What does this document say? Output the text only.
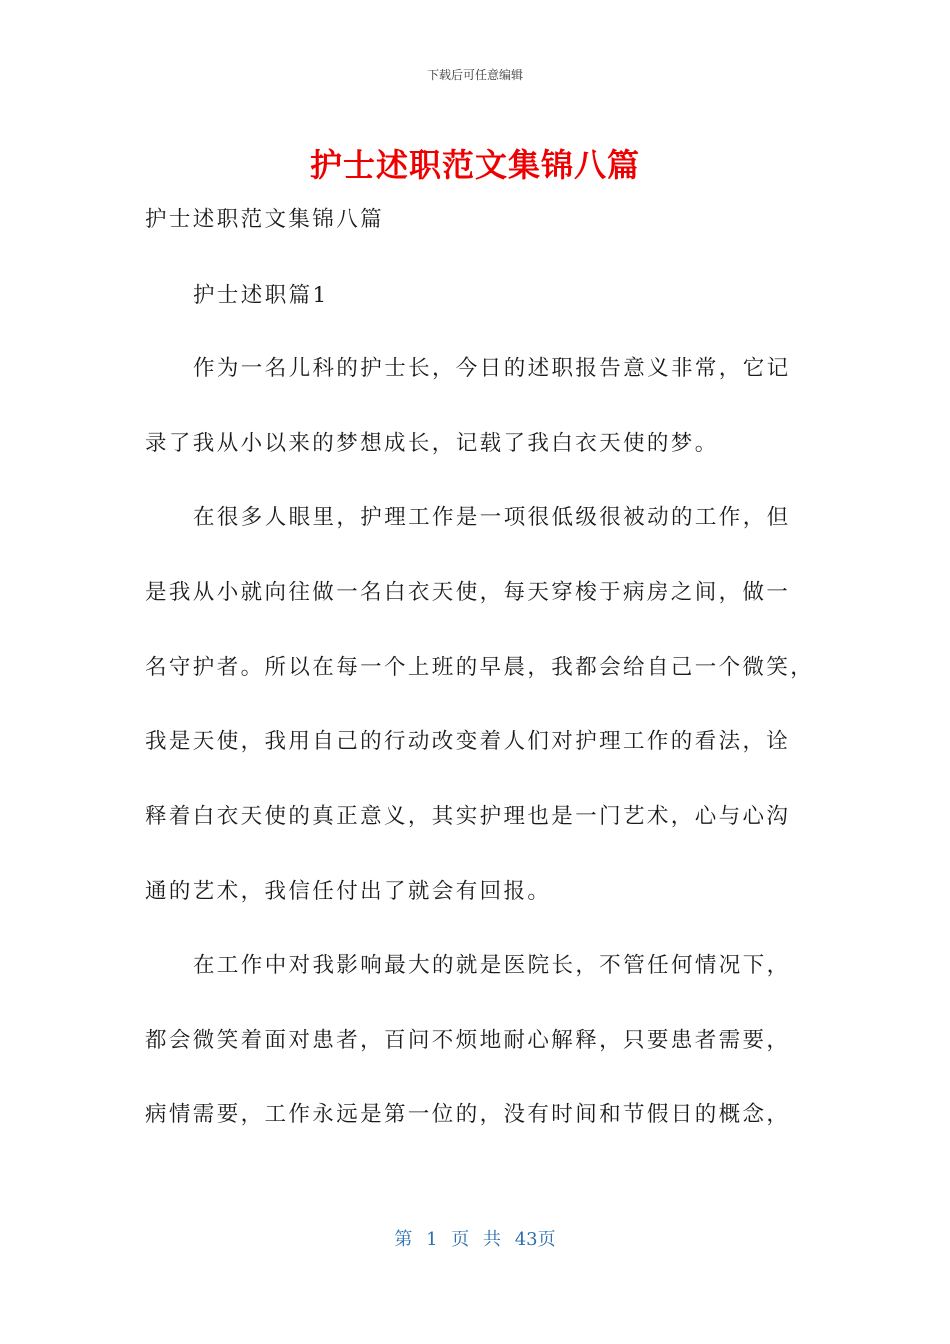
下载后可任意编辑
护士述职范文集锦八篇
护士述职范文集锦八篇
护士述职篇1
作为一名儿科的护士长，今日的述职报告意义非常，它记
录了我从小以来的梦想成长，记载了我白衣天使的梦。
在很多人眼里，护理工作是一项很低级很被动的工作，但
是我从小就向往做一名白衣天使，每天穿梭于病房之间，做一
名守护者。所以在每一个上班的早晨，我都会给自己一个微笑，
我是天使，我用自己的行动改变着人们对护理工作的看法，诠
释着白衣天使的真正意义，其实护理也是一门艺术，心与心沟
通的艺术，我信任付出了就会有回报。
在工作中对我影响最大的就是医院长，不管任何情况下，
都会微笑着面对患者，百问不烦地耐心解释，只要患者需要，
病情需要，工作永远是第一位的，没有时间和节假日的概念，
第 1 页 共 43页
